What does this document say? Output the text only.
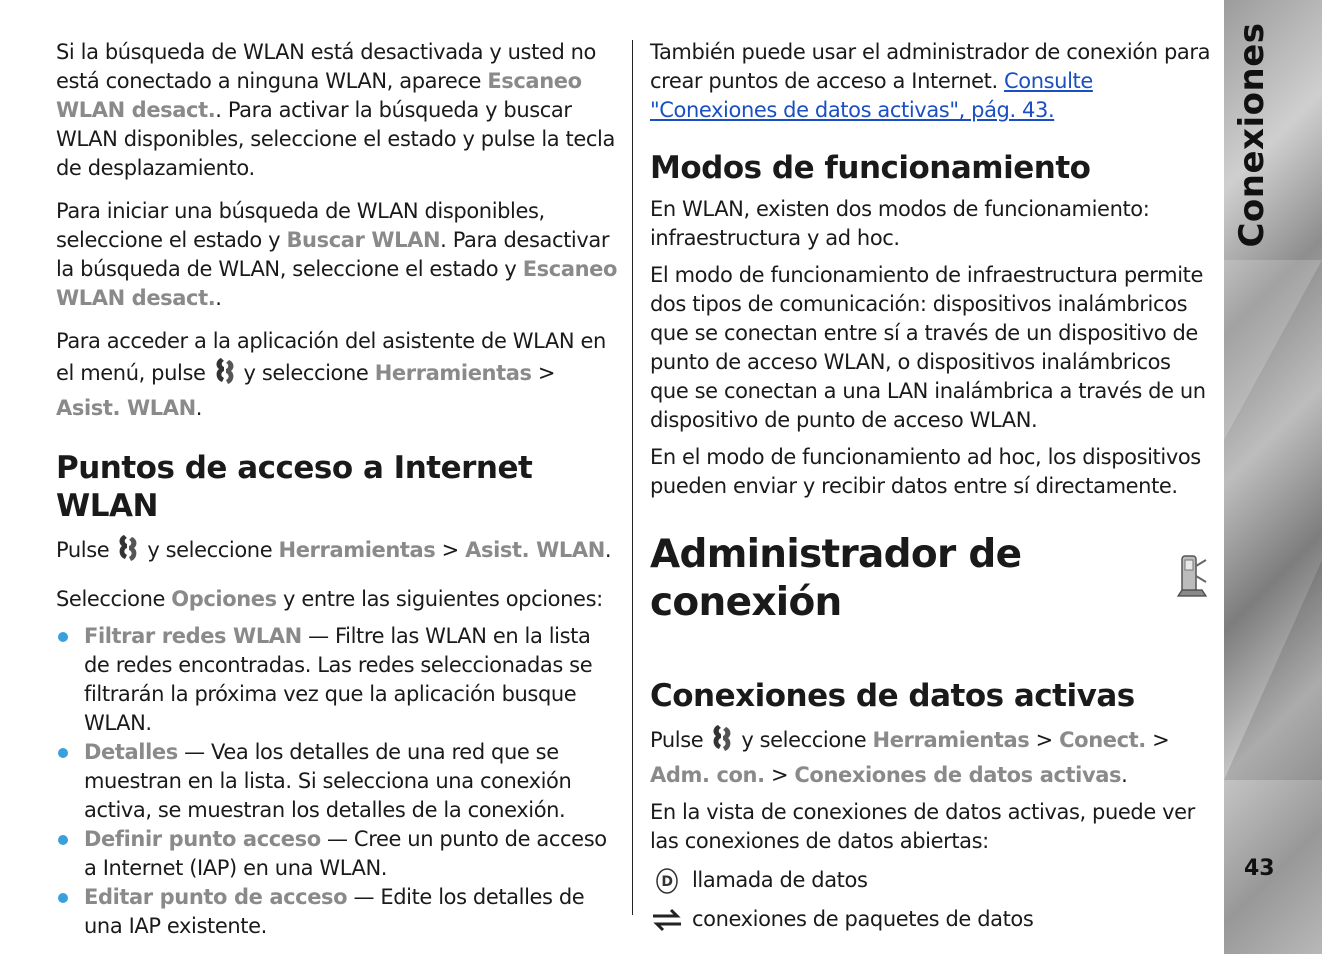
Si la búsqueda de WLAN está desactivada y usted no está conectado a ninguna WLAN, aparece Escaneo WLAN desact.. Para activar la búsqueda y buscar WLAN disponibles, seleccione el estado y pulse la tecla de desplazamiento.

Para iniciar una búsqueda de WLAN disponibles, seleccione el estado y Buscar WLAN. Para desactivar la búsqueda de WLAN, seleccione el estado y Escaneo WLAN desact..

Para acceder a la aplicación del asistente de WLAN en el menú, pulse y seleccione Herramientas > Asist. WLAN.

Puntos de acceso a Internet WLAN

Pulse y seleccione Herramientas > Asist. WLAN.

Seleccione Opciones y entre las siguientes opciones:

Filtrar redes WLAN — Filtre las WLAN en la lista de redes encontradas. Las redes seleccionadas se filtrarán la próxima vez que la aplicación busque WLAN.
Detalles — Vea los detalles de una red que se muestran en la lista. Si selecciona una conexión activa, se muestran los detalles de la conexión.
Definir punto acceso — Cree un punto de acceso a Internet (IAP) en una WLAN.
Editar punto de acceso — Edite los detalles de una IAP existente.

También puede usar el administrador de conexión para crear puntos de acceso a Internet. Consulte "Conexiones de datos activas", pág. 43.

Modos de funcionamiento

En WLAN, existen dos modos de funcionamiento: infraestructura y ad hoc.

El modo de funcionamiento de infraestructura permite dos tipos de comunicación: dispositivos inalámbricos que se conectan entre sí a través de un dispositivo de punto de acceso WLAN, o dispositivos inalámbricos que se conectan a una LAN inalámbrica a través de un dispositivo de punto de acceso WLAN.

En el modo de funcionamiento ad hoc, los dispositivos pueden enviar y recibir datos entre sí directamente.

Administrador de conexión
Conexiones de datos activas

Pulse y seleccione Herramientas > Conect. > Adm. con. > Conexiones de datos activas.

En la vista de conexiones de datos activas, puede ver las conexiones de datos abiertas:

D llamada de datos
conexiones de paquetes de datos
Conexiones
43
